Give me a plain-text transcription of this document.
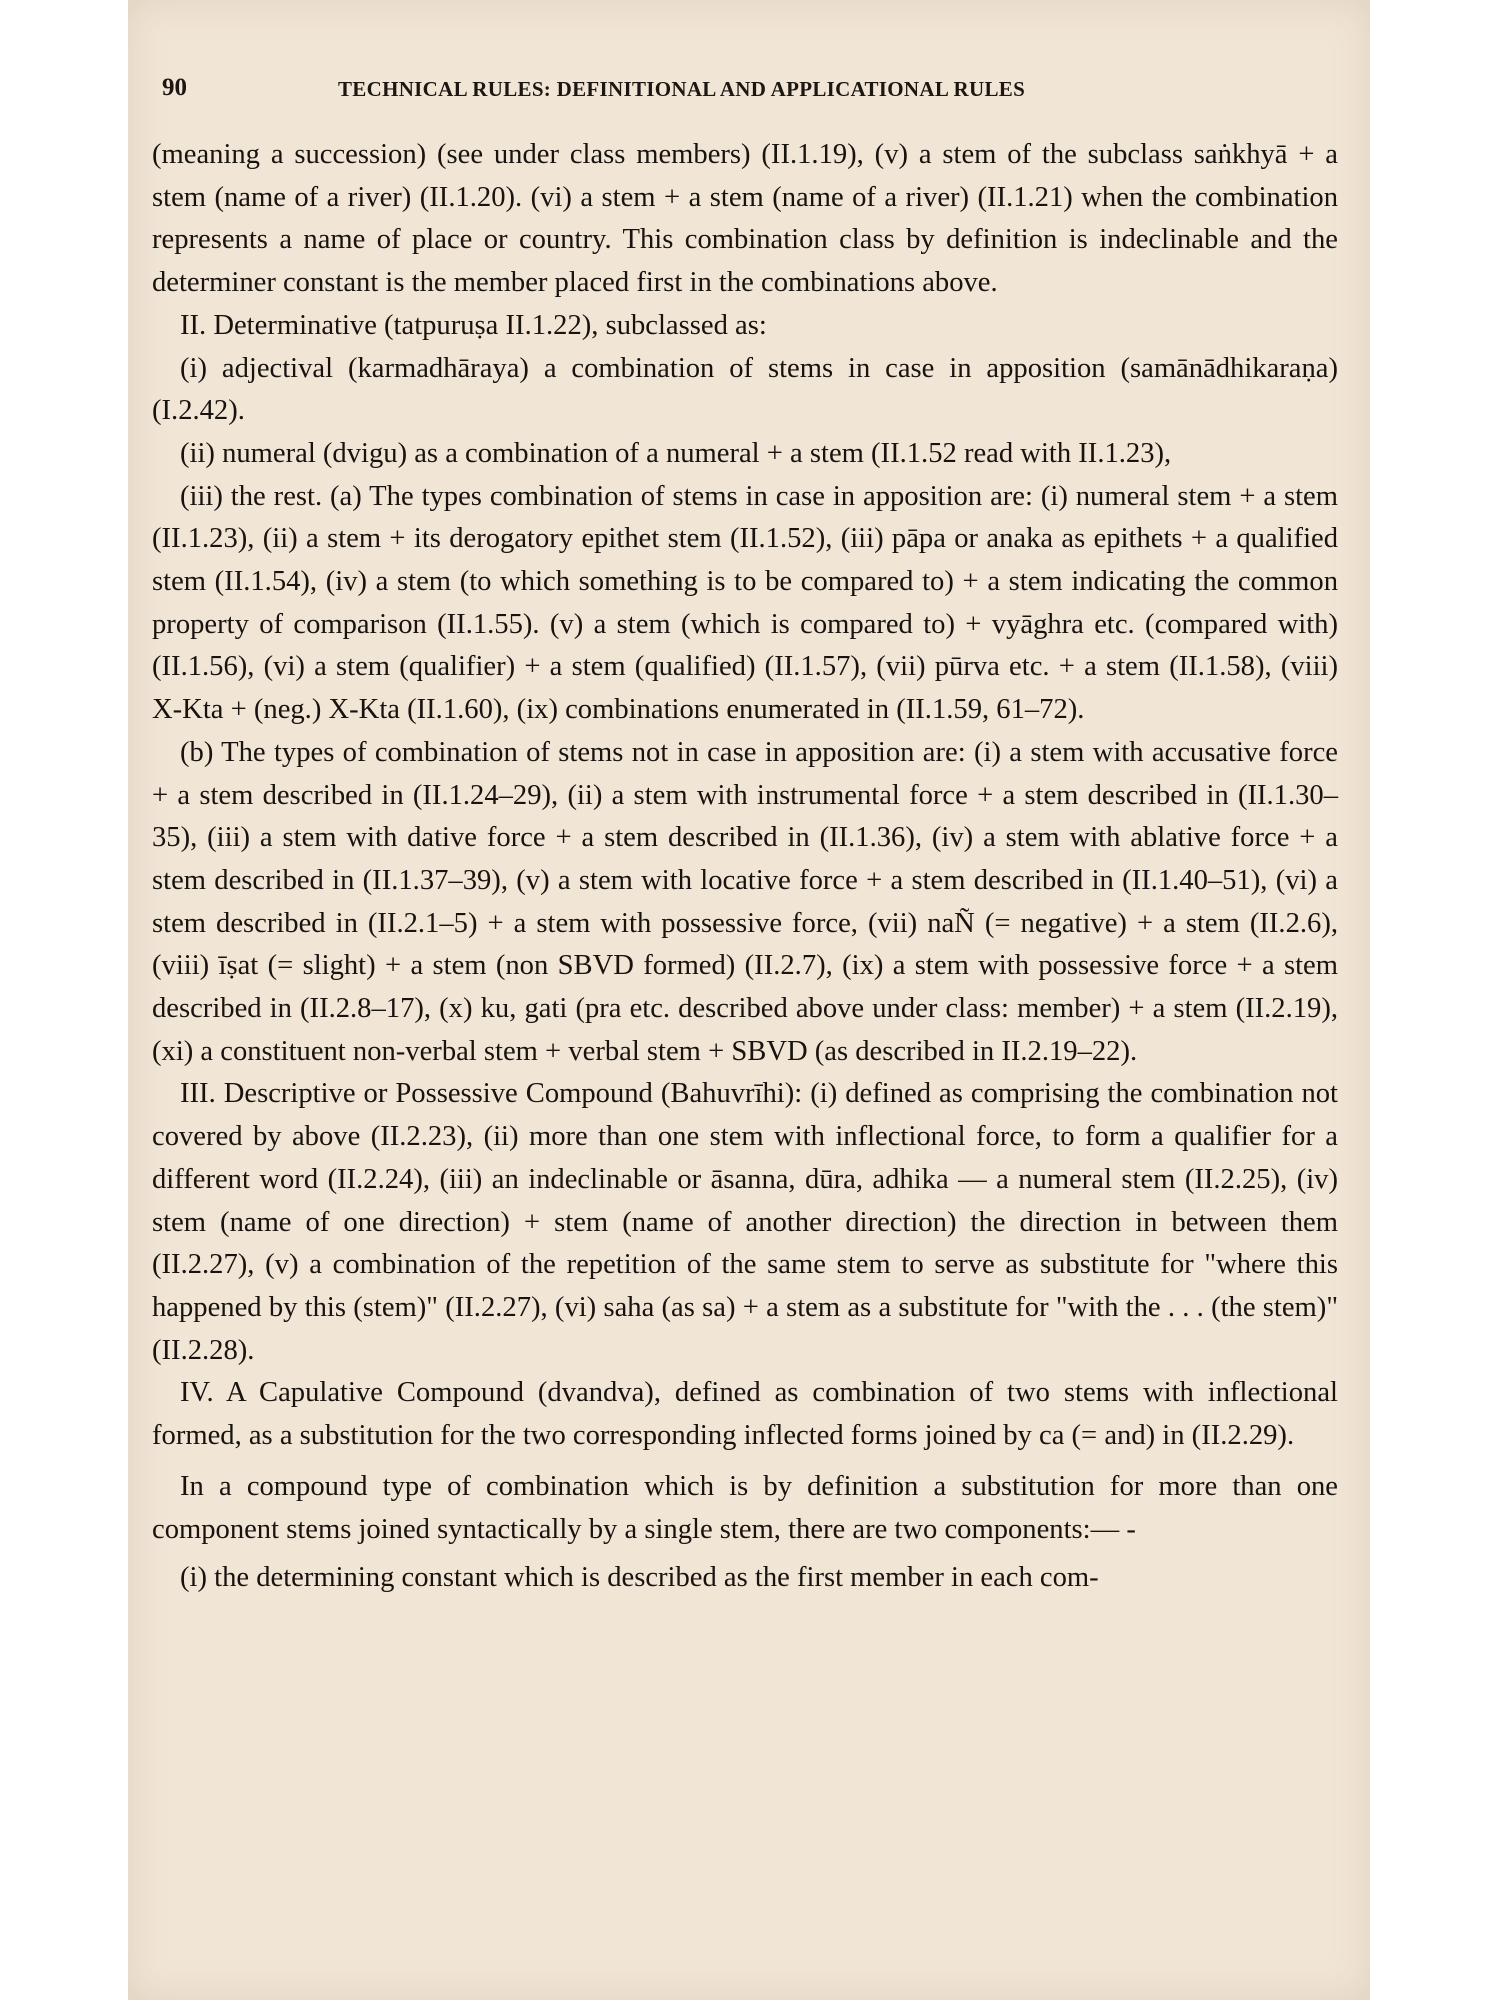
90	TECHNICAL RULES: DEFINITIONAL AND APPLICATIONAL RULES

(meaning a succession) (see under class members) (II.1.19), (v) a stem of the subclass saṅkhyā + a stem (name of a river) (II.1.20). (vi) a stem + a stem (name of a river) (II.1.21) when the combination represents a name of place or country. This combination class by definition is indeclinable and the determiner constant is the member placed first in the combinations above.

II. Determinative (tatpuruṣa II.1.22), subclassed as:

(i) adjectival (karmadhāraya) a combination of stems in case in apposition (samānādhikaraṇa) (I.2.42).

(ii) numeral (dvigu) as a combination of a numeral + a stem (II.1.52 read with II.1.23),

(iii) the rest. (a) The types combination of stems in case in apposition are: (i) numeral stem + a stem (II.1.23), (ii) a stem + its derogatory epithet stem (II.1.52), (iii) pāpa or anaka as epithets + a qualified stem (II.1.54), (iv) a stem (to which something is to be compared to) + a stem indicating the common property of comparison (II.1.55). (v) a stem (which is compared to) + vyāghra etc. (compared with) (II.1.56), (vi) a stem (qualifier) + a stem (qualified) (II.1.57), (vii) pūrva etc. + a stem (II.1.58), (viii) X-Kta + (neg.) X-Kta (II.1.60), (ix) combinations enumerated in (II.1.59, 61–72).

(b) The types of combination of stems not in case in apposition are: (i) a stem with accusative force + a stem described in (II.1.24–29), (ii) a stem with instrumental force + a stem described in (II.1.30–35), (iii) a stem with dative force + a stem described in (II.1.36), (iv) a stem with ablative force + a stem described in (II.1.37–39), (v) a stem with locative force + a stem described in (II.1.40–51), (vi) a stem described in (II.2.1–5) + a stem with possessive force, (vii) naÑ (= negative) + a stem (II.2.6), (viii) īṣat (= slight) + a stem (non SBVD formed) (II.2.7), (ix) a stem with possessive force + a stem described in (II.2.8–17), (x) ku, gati (pra etc. described above under class: member) + a stem (II.2.19), (xi) a constituent non-verbal stem + verbal stem + SBVD (as described in II.2.19–22).

III. Descriptive or Possessive Compound (Bahuvrīhi): (i) defined as comprising the combination not covered by above (II.2.23), (ii) more than one stem with inflectional force, to form a qualifier for a different word (II.2.24), (iii) an indeclinable or āsanna, dūra, adhika — a numeral stem (II.2.25), (iv) stem (name of one direction) + stem (name of another direction) the direction in between them (II.2.27), (v) a combination of the repetition of the same stem to serve as substitute for "where this happened by this (stem)" (II.2.27), (vi) saha (as sa) + a stem as a substitute for "with the . . . (the stem)" (II.2.28).

IV. A Capulative Compound (dvandva), defined as combination of two stems with inflectional formed, as a substitution for the two corresponding inflected forms joined by ca (= and) in (II.2.29).

In a compound type of combination which is by definition a substitution for more than one component stems joined syntactically by a single stem, there are two components:— -

(i) the determining constant which is described as the first member in each com-
